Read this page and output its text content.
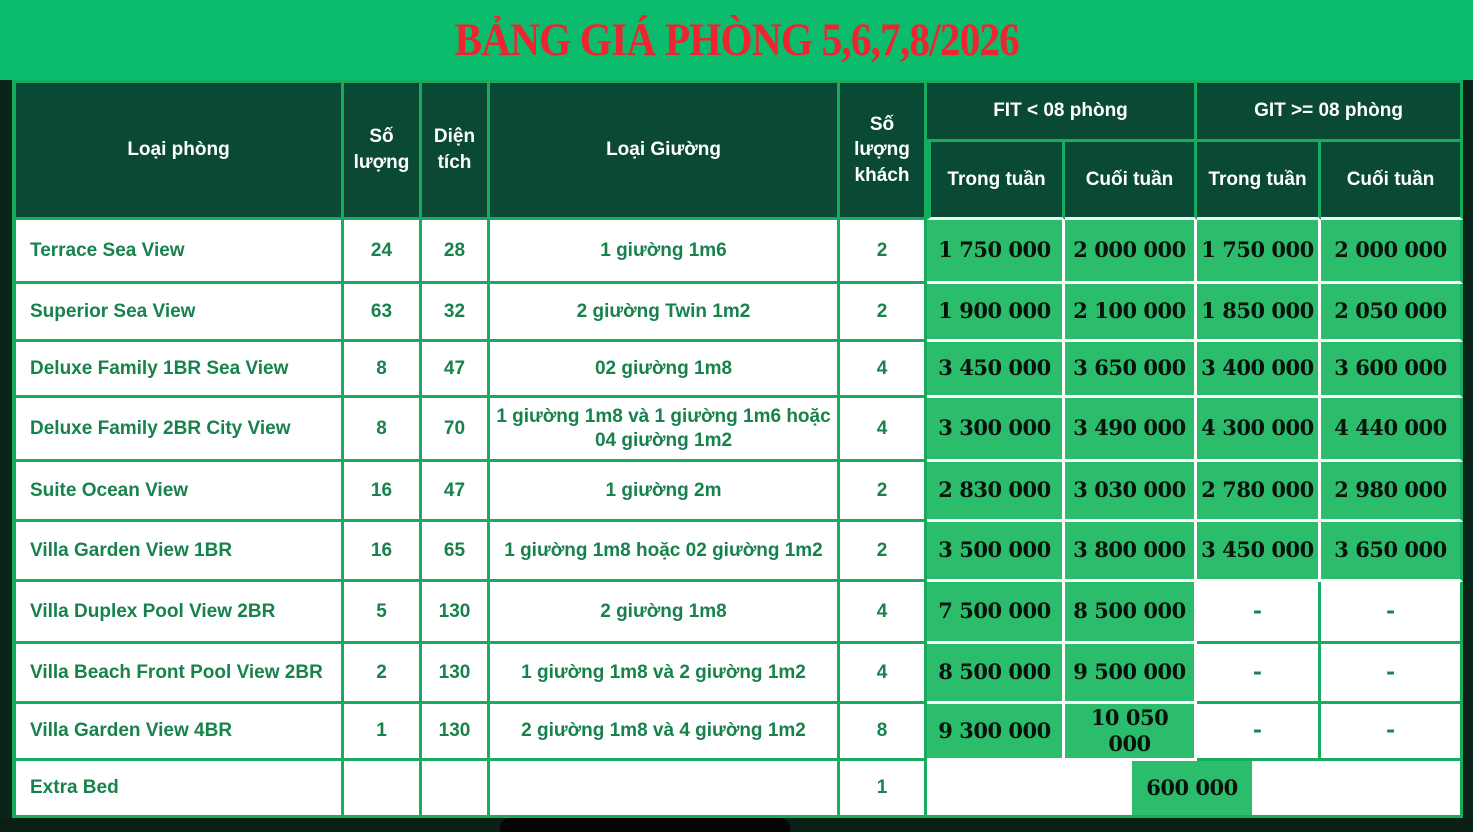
BẢNG GIÁ PHÒNG 5,6,7,8/2026
Loại phòng	Số lượng	Diện tích	Loại Giường	Số lượng khách	FIT < 08 phòng		GIT >= 08 phòng	
					Trong tuần	Cuối tuần	Trong tuần	Cuối tuần
Terrace Sea View	24	28	1 giường 1m6	2	1 750 000	2 000 000	1 750 000	2 000 000
Superior Sea View	63	32	2 giường Twin 1m2	2	1 900 000	2 100 000	1 850 000	2 050 000
Deluxe Family 1BR Sea View	8	47	02 giường 1m8	4	3 450 000	3 650 000	3 400 000	3 600 000
Deluxe Family 2BR City View	8	70	1 giường 1m8 và 1 giường 1m6 hoặc 04 giường 1m2	4	3 300 000	3 490 000	4 300 000	4 440 000
Suite Ocean View	16	47	1 giường 2m	2	2 830 000	3 030 000	2 780 000	2 980 000
Villa Garden View 1BR	16	65	1 giường 1m8 hoặc 02 giường 1m2	2	3 500 000	3 800 000	3 450 000	3 650 000
Villa Duplex Pool View 2BR	5	130	2 giường 1m8	4	7 500 000	8 500 000	-	-
Villa Beach Front Pool View 2BR	2	130	1 giường 1m8 và 2 giường 1m2	4	8 500 000	9 500 000	-	-
Villa Garden View 4BR	1	130	2 giường 1m8 và 4 giường 1m2	8	9 300 000	10 050 000	-	-
Extra Bed				1	600 000			
